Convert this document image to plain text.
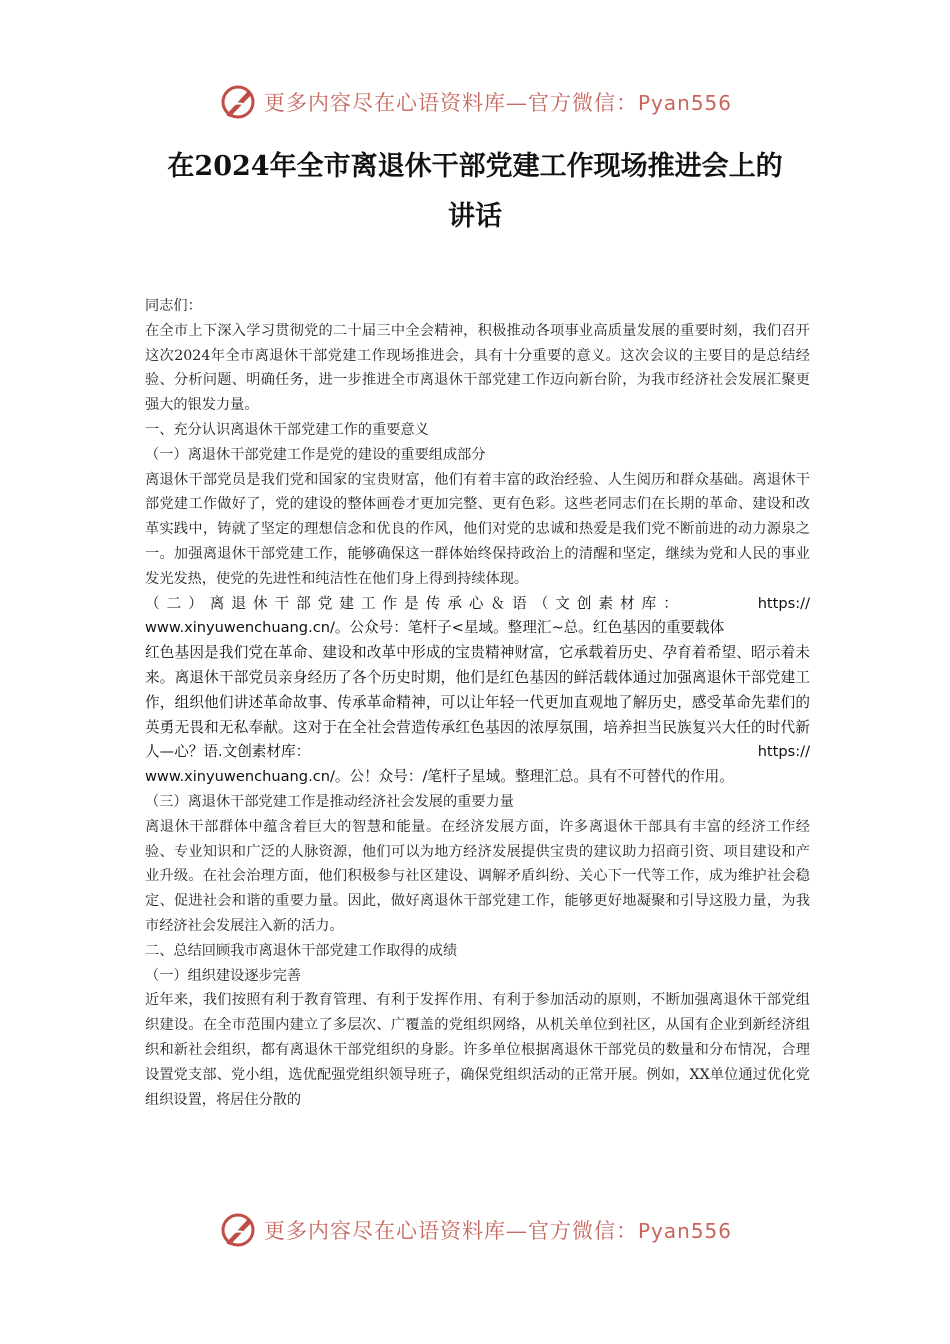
更多内容尽在心语资料库—官方微信：Pyan556
在2024年全市离退休干部党建工作现场推进会上的
讲话

同志们：

在全市上下深入学习贯彻党的二十届三中全会精神，积极推动各项事业高质量发展的重要时刻，我们召开这次2024年全市离退休干部党建工作现场推进会，具有十分重要的意义。这次会议的主要目的是总结经验、分析问题、明确任务，进一步推进全市离退休干部党建工作迈向新台阶，为我市经济社会发展汇聚更强大的银发力量。

一、充分认识离退休干部党建工作的重要意义

（一）离退休干部党建工作是党的建设的重要组成部分

离退休干部党员是我们党和国家的宝贵财富，他们有着丰富的政治经验、人生阅历和群众基础。离退休干部党建工作做好了，党的建设的整体画卷才更加完整、更有色彩。这些老同志们在长期的革命、建设和改革实践中，铸就了坚定的理想信念和优良的作风，他们对党的忠诚和热爱是我们党不断前进的动力源泉之一。加强离退休干部党建工作，能够确保这一群体始终保持政治上的清醒和坚定，继续为党和人民的事业发光发热，使党的先进性和纯洁性在他们身上得到持续体现。

（二）离退休干部党建工作是传承心＆语（文创素材库：	https://

www.xinyuwenchuang.cn/。公众号：笔杆子<星域。整理汇~总。红色基因的重要载体

红色基因是我们党在革命、建设和改革中形成的宝贵精神财富，它承载着历史、孕育着希望、昭示着未来。离退休干部党员亲身经历了各个历史时期，他们是红色基因的鲜活载体通过加强离退休干部党建工作，组织他们讲述革命故事、传承革命精神，可以让年轻一代更加直观地了解历史，感受革命先辈们的英勇无畏和无私奉献。这对于在全社会营造传承红色基因的浓厚氛围，培养担当民族复兴大任的时代新人—心？语.文创素材库：	https://

www.xinyuwenchuang.cn/。公！众号：/笔杆子星域。整理汇总。具有不可替代的作用。

（三）离退休干部党建工作是推动经济社会发展的重要力量

离退休干部群体中蕴含着巨大的智慧和能量。在经济发展方面，许多离退休干部具有丰富的经济工作经验、专业知识和广泛的人脉资源，他们可以为地方经济发展提供宝贵的建议助力招商引资、项目建设和产业升级。在社会治理方面，他们积极参与社区建设、调解矛盾纠纷、关心下一代等工作，成为维护社会稳定、促进社会和谐的重要力量。因此，做好离退休干部党建工作，能够更好地凝聚和引导这股力量，为我市经济社会发展注入新的活力。

二、总结回顾我市离退休干部党建工作取得的成绩

（一）组织建设逐步完善

近年来，我们按照有利于教育管理、有利于发挥作用、有利于参加活动的原则，不断加强离退休干部党组织建设。在全市范围内建立了多层次、广覆盖的党组织网络，从机关单位到社区，从国有企业到新经济组织和新社会组织，都有离退休干部党组织的身影。许多单位根据离退休干部党员的数量和分布情况，合理设置党支部、党小组，选优配强党组织领导班子，确保党组织活动的正常开展。例如，XX单位通过优化党组织设置，将居住分散的

更多内容尽在心语资料库—官方微信：Pyan556
